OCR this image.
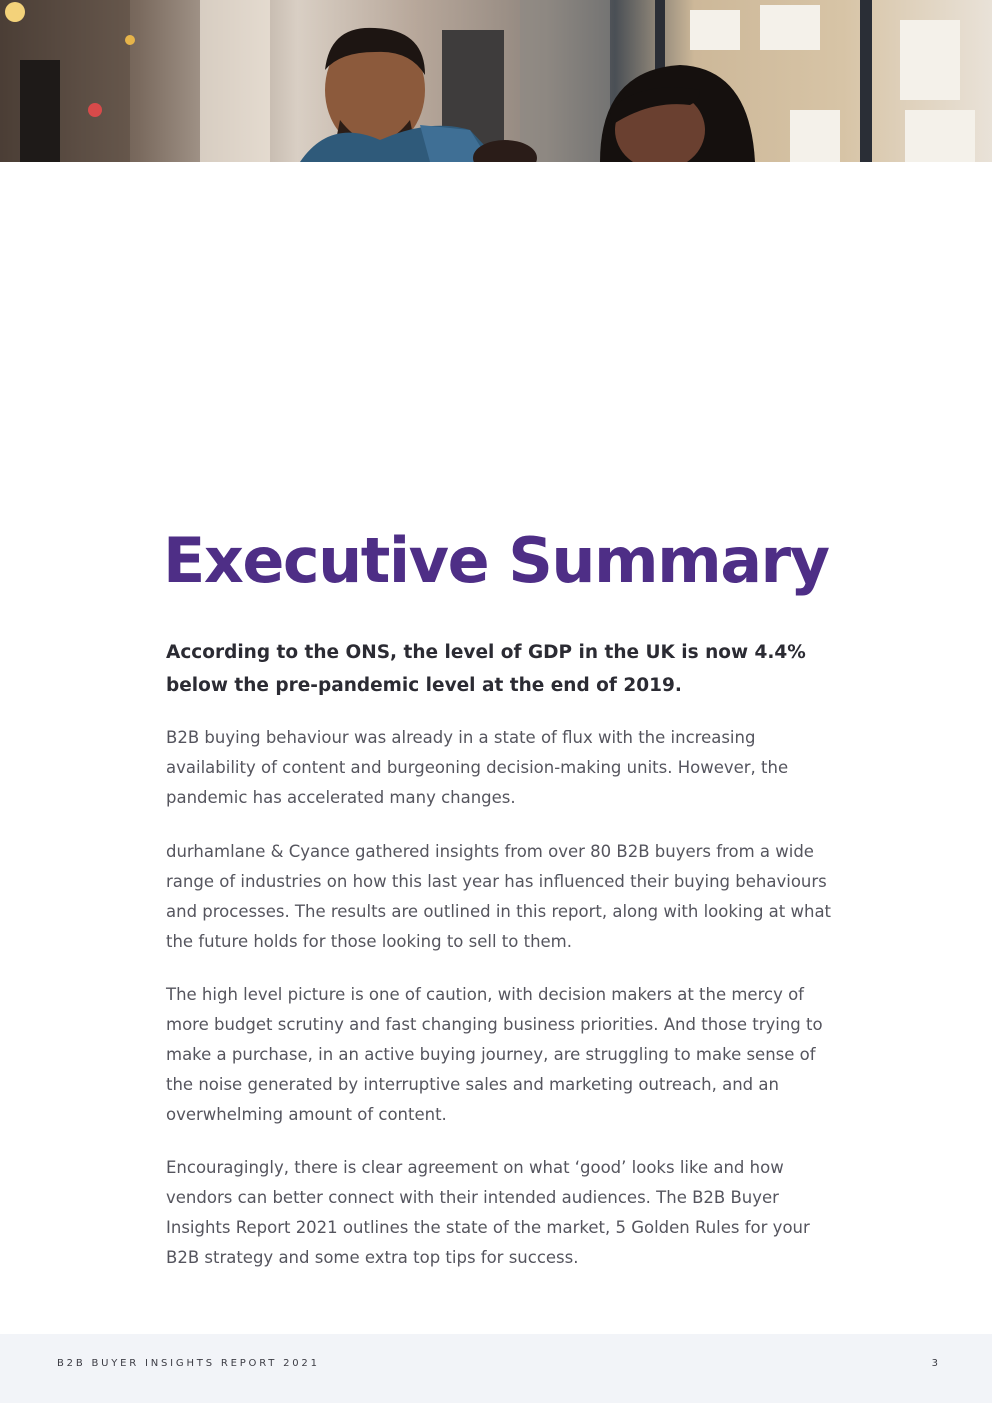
Executive Summary

According to the ONS, the level of GDP in the UK is now 4.4% below the pre-pandemic level at the end of 2019.

B2B buying behaviour was already in a state of flux with the increasing availability of content and burgeoning decision-making units. However, the pandemic has accelerated many changes.

durhamlane & Cyance gathered insights from over 80 B2B buyers from a wide range of industries on how this last year has influenced their buying behaviours and processes. The results are outlined in this report, along with looking at what the future holds for those looking to sell to them.

The high level picture is one of caution, with decision makers at the mercy of more budget scrutiny and fast changing business priorities. And those trying to make a purchase, in an active buying journey, are struggling to make sense of the noise generated by interruptive sales and marketing outreach, and an overwhelming amount of content.

Encouragingly, there is clear agreement on what ‘good’ looks like and how vendors can better connect with their intended audiences. The B2B Buyer Insights Report 2021 outlines the state of the market, 5 Golden Rules for your B2B strategy and some extra top tips for success.

B2B BUYER INSIGHTS REPORT 2021	3
